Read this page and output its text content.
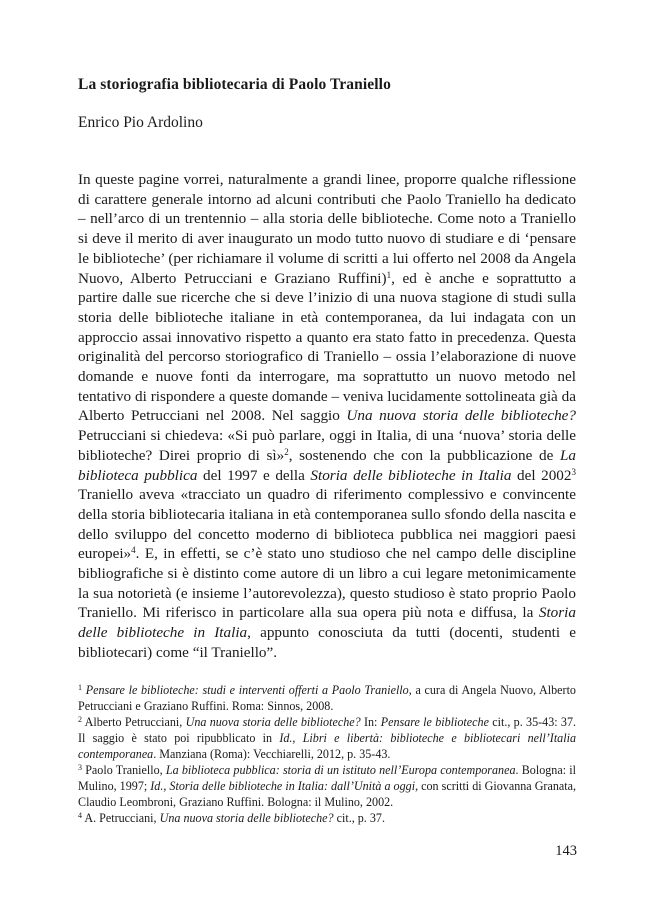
La storiografia bibliotecaria di Paolo Traniello
Enrico Pio Ardolino

In queste pagine vorrei, naturalmente a grandi linee, proporre qualche riflessione di carattere generale intorno ad alcuni contributi che Paolo Traniello ha dedicato – nell’arco di un trentennio – alla storia delle biblioteche. Come noto a Traniello si deve il merito di aver inaugurato un modo tutto nuovo di studiare e di ‘pensare le biblioteche’ (per richiamare il volume di scritti a lui offerto nel 2008 da Angela Nuovo, Alberto Petrucciani e Graziano Ruffini)$^1$, ed è anche e soprattutto a partire dalle sue ricerche che si deve l’inizio di una nuova stagione di studi sulla storia delle biblioteche italiane in età contemporanea, da lui indagata con un approccio assai innovativo rispetto a quanto era stato fatto in precedenza. Questa originalità del percorso storiografico di Traniello – ossia l’elaborazione di nuove domande e nuove fonti da interrogare, ma soprattutto un nuovo metodo nel tentativo di rispondere a queste domande – veniva lucidamente sottolineata già da Alberto Petrucciani nel 2008. Nel saggio Una nuova storia delle biblioteche? Petrucciani si chiedeva: «Si può parlare, oggi in Italia, di una ‘nuova’ storia delle biblioteche? Direi proprio di sì»$^2$, sostenendo che con la pubblicazione de La biblioteca pubblica del 1997 e della Storia delle biblioteche in Italia del 2002$^3$ Traniello aveva «tracciato un quadro di riferimento complessivo e convincente della storia bibliotecaria italiana in età contemporanea sullo sfondo della nascita e dello sviluppo del concetto moderno di biblioteca pubblica nei maggiori paesi europei»$^4$. E, in effetti, se c’è stato uno studioso che nel campo delle discipline bibliografiche si è distinto come autore di un libro a cui legare metonimicamente la sua notorietà (e insieme l’autorevolezza), questo studioso è stato proprio Paolo Traniello. Mi riferisco in particolare alla sua opera più nota e diffusa, la Storia delle biblioteche in Italia, appunto conosciuta da tutti (docenti, studenti e bibliotecari) come “il Traniello”.

$^1$ Pensare le biblioteche: studi e interventi offerti a Paolo Traniello, a cura di Angela Nuovo, Alberto Petrucciani e Graziano Ruffini. Roma: Sinnos, 2008.

$^2$ Alberto Petrucciani, Una nuova storia delle biblioteche? In: Pensare le biblioteche cit., p. 35-43: 37. Il saggio è stato poi ripubblicato in Id., Libri e libertà: biblioteche e bibliotecari nell’Italia contemporanea. Manziana (Roma): Vecchiarelli, 2012, p. 35-43.

$^3$ Paolo Traniello, La biblioteca pubblica: storia di un istituto nell’Europa contemporanea. Bologna: il Mulino, 1997; Id., Storia delle biblioteche in Italia: dall’Unità a oggi, con scritti di Giovanna Granata, Claudio Leombroni, Graziano Ruffini. Bologna: il Mulino, 2002.

$^4$ A. Petrucciani, Una nuova storia delle biblioteche? cit., p. 37.

143
